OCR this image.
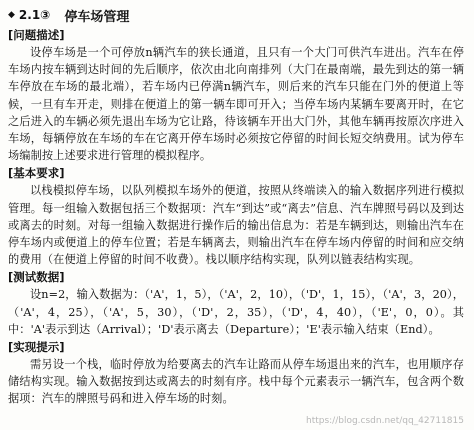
◆ 2.1③ 停车场管理
[问题描述]

设停车场是一个可停放n辆汽车的狭长通道，且只有一个大门可供汽车进出。汽车在停车场内按车辆到达时间的先后顺序，依次由北向南排列（大门在最南端，最先到达的第一辆车停放在车场的最北端），若车场内已停满n辆汽车，则后来的汽车只能在门外的便道上等候，一旦有车开走，则排在便道上的第一辆车即可开入；当停车场内某辆车要离开时，在它之后进入的车辆必须先退出车场为它让路，待该辆车开出大门外，其他车辆再按原次序进入车场，每辆停放在车场的车在它离开停车场时必须按它停留的时间长短交纳费用。试为停车场编制按上述要求进行管理的模拟程序。

[基本要求]

以栈模拟停车场，以队列模拟车场外的便道，按照从终端读入的输入数据序列进行模拟管理。每一组输入数据包括三个数据项：汽车“到达”或“离去”信息、汽车牌照号码以及到达或离去的时刻。对每一组输入数据进行操作后的输出信息为：若是车辆到达，则输出汽车在停车场内或便道上的停车位置；若是车辆离去，则输出汽车在停车场内停留的时间和应交纳的费用（在便道上停留的时间不收费）。栈以顺序结构实现，队列以链表结构实现。

[测试数据]

设n=2，输入数据为：（'A'，1，5），（'A'，2，10），（'D'，1，15），（'A'，3，20），（'A'，4，25），（'A'，5，30），（'D'，2，35），（'D'，4，40），（'E'，0，0）。其中：'A'表示到达（Arrival）；'D'表示离去（Departure）；'E'表示输入结束（End）。

[实现提示]

需另设一个栈，临时停放为给要离去的汽车让路而从停车场退出来的汽车，也用顺序存储结构实现。输入数据按到达或离去的时刻有序。栈中每个元素表示一辆汽车，包含两个数据项：汽车的牌照号码和进入停车场的时刻。

https://blog.csdn.net/qq_42711815
